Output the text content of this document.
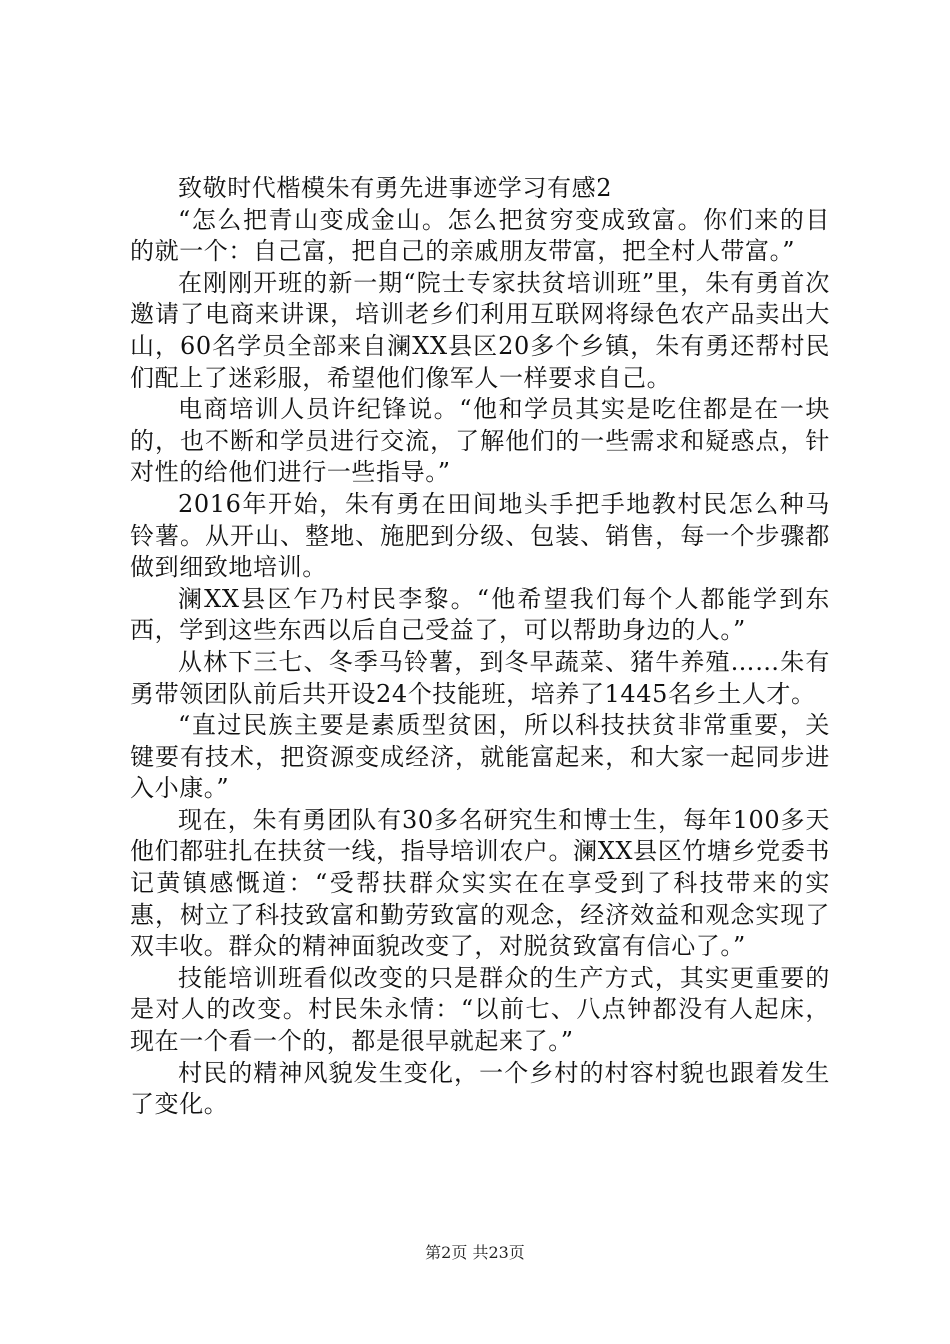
致敬时代楷模朱有勇先进事迹学习有感2

“怎么把青山变成金山。怎么把贫穷变成致富。你们来的目的就一个：自己富，把自己的亲戚朋友带富，把全村人带富。”

在刚刚开班的新一期“院士专家扶贫培训班”里，朱有勇首次邀请了电商来讲课，培训老乡们利用互联网将绿色农产品卖出大山，60名学员全部来自澜XX县区20多个乡镇，朱有勇还帮村民们配上了迷彩服，希望他们像军人一样要求自己。

电商培训人员许纪锋说。“他和学员其实是吃住都是在一块的，也不断和学员进行交流，了解他们的一些需求和疑惑点，针对性的给他们进行一些指导。”

2016年开始，朱有勇在田间地头手把手地教村民怎么种马铃薯。从开山、整地、施肥到分级、包装、销售，每一个步骤都做到细致地培训。

澜XX县区乍乃村民李黎。“他希望我们每个人都能学到东西，学到这些东西以后自己受益了，可以帮助身边的人。”

从林下三七、冬季马铃薯，到冬早蔬菜、猪牛养殖……朱有勇带领团队前后共开设24个技能班，培养了1445名乡土人才。

“直过民族主要是素质型贫困，所以科技扶贫非常重要，关键要有技术，把资源变成经济，就能富起来，和大家一起同步进入小康。”

现在，朱有勇团队有30多名研究生和博士生，每年100多天他们都驻扎在扶贫一线，指导培训农户。澜XX县区竹塘乡党委书记黄镇感慨道：“受帮扶群众实实在在享受到了科技带来的实惠，树立了科技致富和勤劳致富的观念，经济效益和观念实现了双丰收。群众的精神面貌改变了，对脱贫致富有信心了。”

技能培训班看似改变的只是群众的生产方式，其实更重要的是对人的改变。村民朱永情：“以前七、八点钟都没有人起床，现在一个看一个的，都是很早就起来了。”

村民的精神风貌发生变化，一个乡村的村容村貌也跟着发生了变化。

第2页 共23页
